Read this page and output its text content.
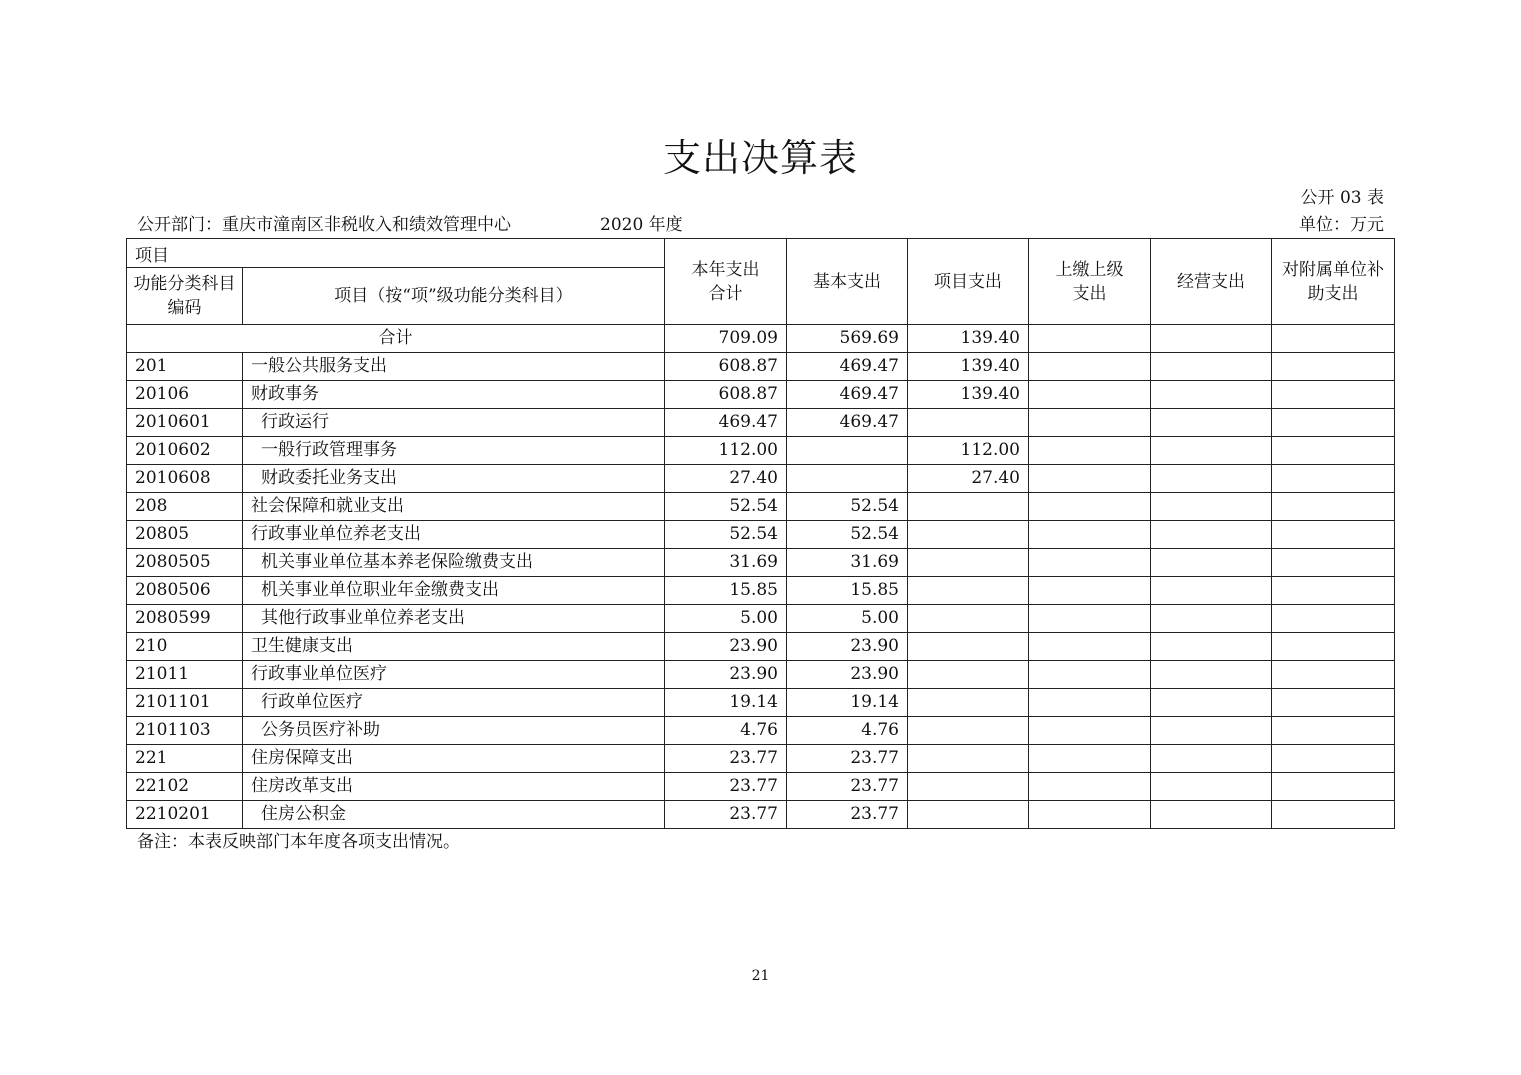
支出决算表
公开 03 表
公开部门：重庆市潼南区非税收入和绩效管理中心	2020 年度	单位：万元
项目		本年支出合计	基本支出	项目支出	上缴上级支出	经营支出	对附属单位补助支出
功能分类科目编码	项目（按“项”级功能分类科目）						
合计		709.09	569.69	139.40			
201	一般公共服务支出	608.87	469.47	139.40			
20106	财政事务	608.87	469.47	139.40			
2010601	行政运行	469.47	469.47				
2010602	一般行政管理事务	112.00		112.00			
2010608	财政委托业务支出	27.40		27.40			
208	社会保障和就业支出	52.54	52.54				
20805	行政事业单位养老支出	52.54	52.54				
2080505	机关事业单位基本养老保险缴费支出	31.69	31.69				
2080506	机关事业单位职业年金缴费支出	15.85	15.85				
2080599	其他行政事业单位养老支出	5.00	5.00				
210	卫生健康支出	23.90	23.90				
21011	行政事业单位医疗	23.90	23.90				
2101101	行政单位医疗	19.14	19.14				
2101103	公务员医疗补助	4.76	4.76				
221	住房保障支出	23.77	23.77				
22102	住房改革支出	23.77	23.77				
2210201	住房公积金	23.77	23.77				
备注：本表反映部门本年度各项支出情况。
21
